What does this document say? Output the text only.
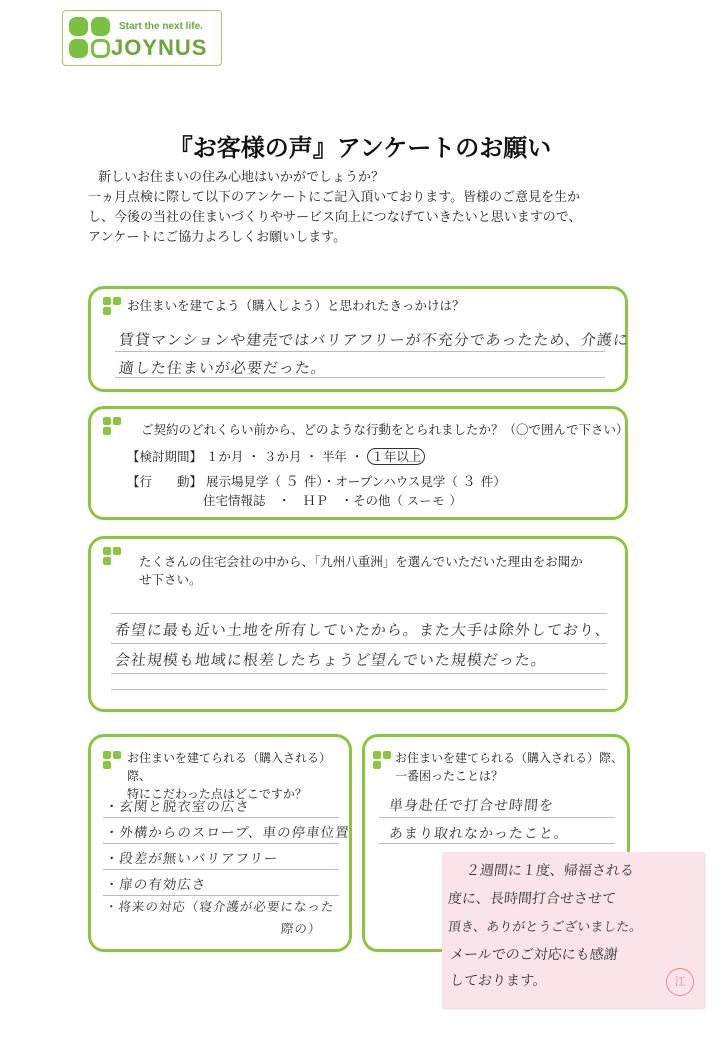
Start the next life.
JOYNUS
『お客様の声』アンケートのお願い

新しいお住まいの住み心地はいかがでしょうか？

一ヵ月点検に際して以下のアンケートにご記入頂いております。皆様のご意見を生か

し、今後の当社の住まいづくりやサービス向上につなげていきたいと思いますので、

アンケートにご協力よろしくお願いします。

お住まいを建てよう（購入しよう）と思われたきっかけは？
賃貸マンションや建売ではバリアフリーが不充分であったため、介護に
適した住まいが必要だった。
ご契約のどれくらい前から、どのような行動をとられましたか？（〇で囲んで下さい）
【検討期間】 １か月 ・ ３か月 ・ 半年 ・ １年以上
【行　　動】 展示場見学（ ５ 件）・オープンハウス見学（ ３ 件）
住宅情報誌　・　ＨＰ　・その他（ スーモ ）
たくさんの住宅会社の中から、「九州八重洲」を選んでいただいた理由をお聞か
せ下さい。
希望に最も近い土地を所有していたから。また大手は除外しており、
会社規模も地域に根差したちょうど望んでいた規模だった。
お住まいを建てられる（購入される）際、
特にこだわった点はどこですか？
・玄関と脱衣室の広さ
・外構からのスロープ、車の停車位置
・段差が無いバリアフリー
・扉の有効広さ
・将来の対応（寝介護が必要になった
際の）
お住まいを建てられる（購入される）際、
一番困ったことは？
単身赴任で打合せ時間を
あまり取れなかったこと。
２週間に１度、帰福される
度に、長時間打合せさせて
頂き、ありがとうございました。
メールでのご対応にも感謝
しております。	江
